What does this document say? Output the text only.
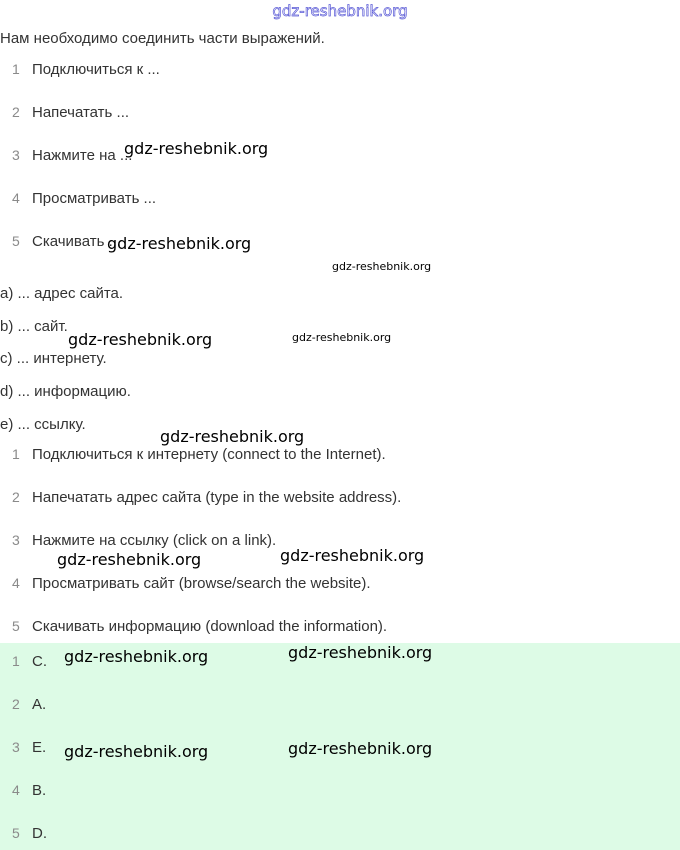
gdz-reshebnik.org
Нам необходимо соединить части выражений.
1 Подключиться к ...
2 Напечатать ...
3 Нажмите на ...
4 Просматривать ...
5 Скачивать ...
a) ... адрес сайта.
b) ... сайт.
c) ... интернету.
d) ... информацию.
e) ... ссылку.
1 Подключиться к интернету (connect to the Internet).
2 Напечатать адрес сайта (type in the website address).
3 Нажмите на ссылку (click on a link).
4 Просматривать сайт (browse/search the website).
5 Скачивать информацию (download the information).
1 C.
2 A.
3 E.
4 B.
5 D.
gdz-reshebnik.org
gdz-reshebnik.org
gdz-reshebnik.org
gdz-reshebnik.org	gdz-reshebnik.org
gdz-reshebnik.org
gdz-reshebnik.org	gdz-reshebnik.org
gdz-reshebnik.org	gdz-reshebnik.org
gdz-reshebnik.org	gdz-reshebnik.org
